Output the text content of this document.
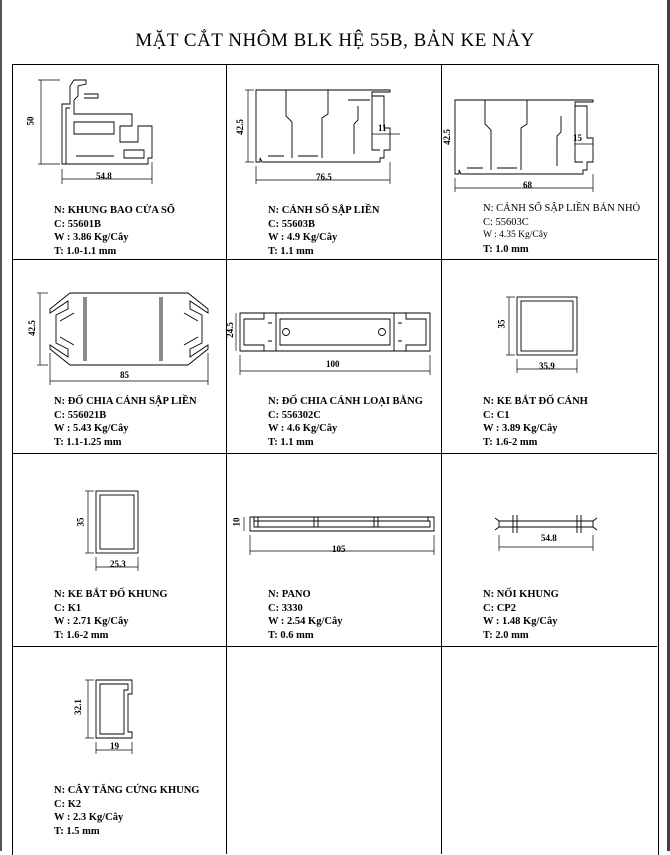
MẶT CẮT NHÔM BLK HỆ 55B, BẢN KE NẢY
50
54.8
N: KHUNG BAO CỬA SỔ
C: 55601B
W : 3.86 Kg/Cây
T: 1.0-1.1 mm
42.5	11
76.5
N: CÁNH SỔ SẬP LIỀN
C: 55603B
W : 4.9 Kg/Cây
T: 1.1 mm
42.5	15
68
N: CÁNH SỔ SẬP LIỀN BẢN NHỎ
C: 55603C
W : 4.35 Kg/Cây
T: 1.0 mm
42.5
85
N: ĐỐ CHIA CÁNH SẬP LIỀN
C: 556021B
W : 5.43 Kg/Cây
T: 1.1-1.25 mm
24.5
100
N: ĐỐ CHIA CÁNH LOẠI BẰNG
C: 556302C
W : 4.6 Kg/Cây
T: 1.1 mm
35
35.9
N: KE BẮT ĐỐ CÁNH
C: C1
W : 3.89 Kg/Cây
T: 1.6-2 mm
35
25.3
N: KE BẮT ĐỐ KHUNG
C: K1
W : 2.71 Kg/Cây
T: 1.6-2 mm
10
105
N: PANO
C: 3330
W : 2.54 Kg/Cây
T: 0.6 mm
54.8
N: NỐI KHUNG
C: CP2
W : 1.48 Kg/Cây
T: 2.0 mm
32.1
19
N: CÂY TĂNG CỨNG KHUNG
C: K2
W : 2.3 Kg/Cây
T: 1.5 mm
